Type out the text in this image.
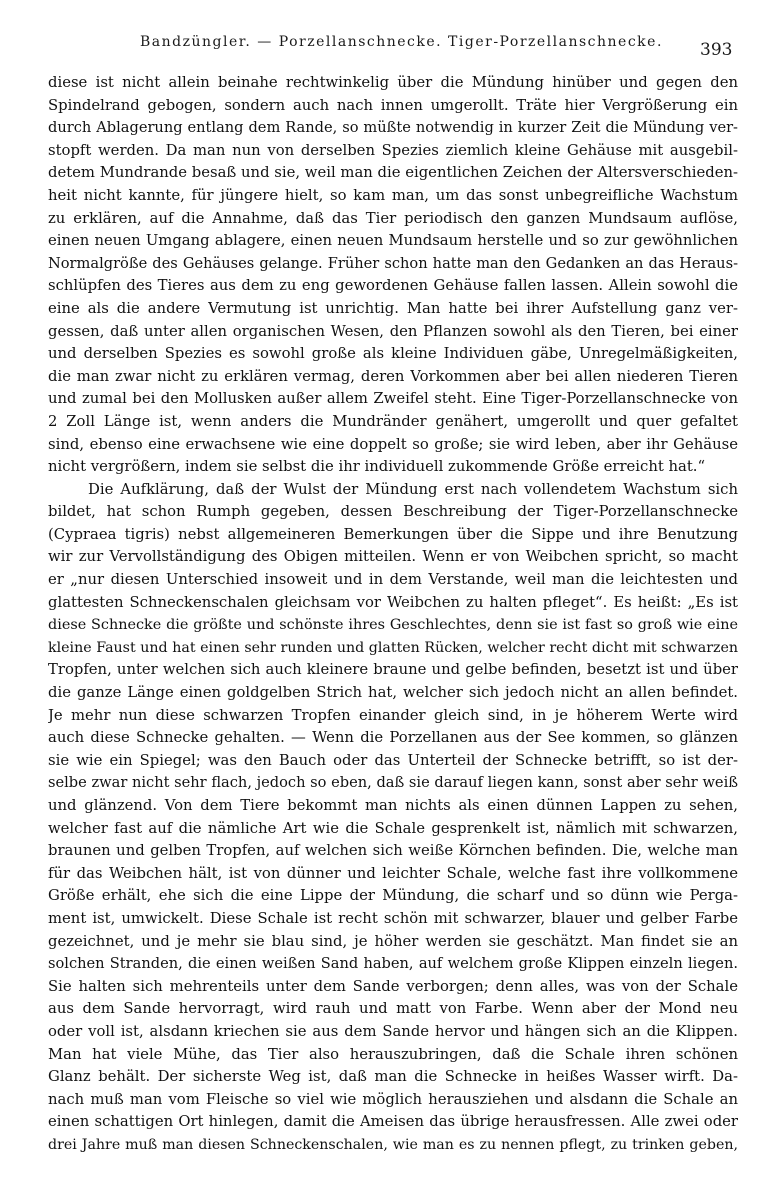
Bandzüngler. — Porzellanschnecke. Tiger-Porzellanschnecke. 393
diese ist nicht allein beinahe rechtwinkelig über die Mündung hinüber und gegen den
Spindelrand gebogen, sondern auch nach innen umgerollt. Träte hier Vergrößerung ein
durch Ablagerung entlang dem Rande, so müßte notwendig in kurzer Zeit die Mündung ver-
stopft werden. Da man nun von derselben Spezies ziemlich kleine Gehäuse mit ausgebil-
detem Mundrande besaß und sie, weil man die eigentlichen Zeichen der Altersverschieden-
heit nicht kannte, für jüngere hielt, so kam man, um das sonst unbegreifliche Wachstum
zu erklären, auf die Annahme, daß das Tier periodisch den ganzen Mundsaum auflöse,
einen neuen Umgang ablagere, einen neuen Mundsaum herstelle und so zur gewöhnlichen
Normalgröße des Gehäuses gelange. Früher schon hatte man den Gedanken an das Heraus-
schlüpfen des Tieres aus dem zu eng gewordenen Gehäuse fallen lassen. Allein sowohl die
eine als die andere Vermutung ist unrichtig. Man hatte bei ihrer Aufstellung ganz ver-
gessen, daß unter allen organischen Wesen, den Pflanzen sowohl als den Tieren, bei einer
und derselben Spezies es sowohl große als kleine Individuen gäbe, Unregelmäßigkeiten,
die man zwar nicht zu erklären vermag, deren Vorkommen aber bei allen niederen Tieren
und zumal bei den Mollusken außer allem Zweifel steht. Eine Tiger-Porzellanschnecke von
2 Zoll Länge ist, wenn anders die Mundränder genähert, umgerollt und quer gefaltet
sind, ebenso eine erwachsene wie eine doppelt so große; sie wird leben, aber ihr Gehäuse
nicht vergrößern, indem sie selbst die ihr individuell zukommende Größe erreicht hat.“
Die Aufklärung, daß der Wulst der Mündung erst nach vollendetem Wachstum sich
bildet, hat schon Rumph gegeben, dessen Beschreibung der Tiger-Porzellanschnecke
(Cypraea tigris) nebst allgemeineren Bemerkungen über die Sippe und ihre Benutzung
wir zur Vervollständigung des Obigen mitteilen. Wenn er von Weibchen spricht, so macht
er „nur diesen Unterschied insoweit und in dem Verstande, weil man die leichtesten und
glattesten Schneckenschalen gleichsam vor Weibchen zu halten pfleget“. Es heißt: „Es ist
diese Schnecke die größte und schönste ihres Geschlechtes, denn sie ist fast so groß wie eine
kleine Faust und hat einen sehr runden und glatten Rücken, welcher recht dicht mit schwarzen
Tropfen, unter welchen sich auch kleinere braune und gelbe befinden, besetzt ist und über
die ganze Länge einen goldgelben Strich hat, welcher sich jedoch nicht an allen befindet.
Je mehr nun diese schwarzen Tropfen einander gleich sind, in je höherem Werte wird
auch diese Schnecke gehalten. — Wenn die Porzellanen aus der See kommen, so glänzen
sie wie ein Spiegel; was den Bauch oder das Unterteil der Schnecke betrifft, so ist der-
selbe zwar nicht sehr flach, jedoch so eben, daß sie darauf liegen kann, sonst aber sehr weiß
und glänzend. Von dem Tiere bekommt man nichts als einen dünnen Lappen zu sehen,
welcher fast auf die nämliche Art wie die Schale gesprenkelt ist, nämlich mit schwarzen,
braunen und gelben Tropfen, auf welchen sich weiße Körnchen befinden. Die, welche man
für das Weibchen hält, ist von dünner und leichter Schale, welche fast ihre vollkommene
Größe erhält, ehe sich die eine Lippe der Mündung, die scharf und so dünn wie Perga-
ment ist, umwickelt. Diese Schale ist recht schön mit schwarzer, blauer und gelber Farbe
gezeichnet, und je mehr sie blau sind, je höher werden sie geschätzt. Man findet sie an
solchen Stranden, die einen weißen Sand haben, auf welchem große Klippen einzeln liegen.
Sie halten sich mehrenteils unter dem Sande verborgen; denn alles, was von der Schale
aus dem Sande hervorragt, wird rauh und matt von Farbe. Wenn aber der Mond neu
oder voll ist, alsdann kriechen sie aus dem Sande hervor und hängen sich an die Klippen.
Man hat viele Mühe, das Tier also herauszubringen, daß die Schale ihren schönen
Glanz behält. Der sicherste Weg ist, daß man die Schnecke in heißes Wasser wirft. Da-
nach muß man vom Fleische so viel wie möglich herausziehen und alsdann die Schale an
einen schattigen Ort hinlegen, damit die Ameisen das übrige herausfressen. Alle zwei oder
drei Jahre muß man diesen Schneckenschalen, wie man es zu nennen pflegt, zu trinken geben,
